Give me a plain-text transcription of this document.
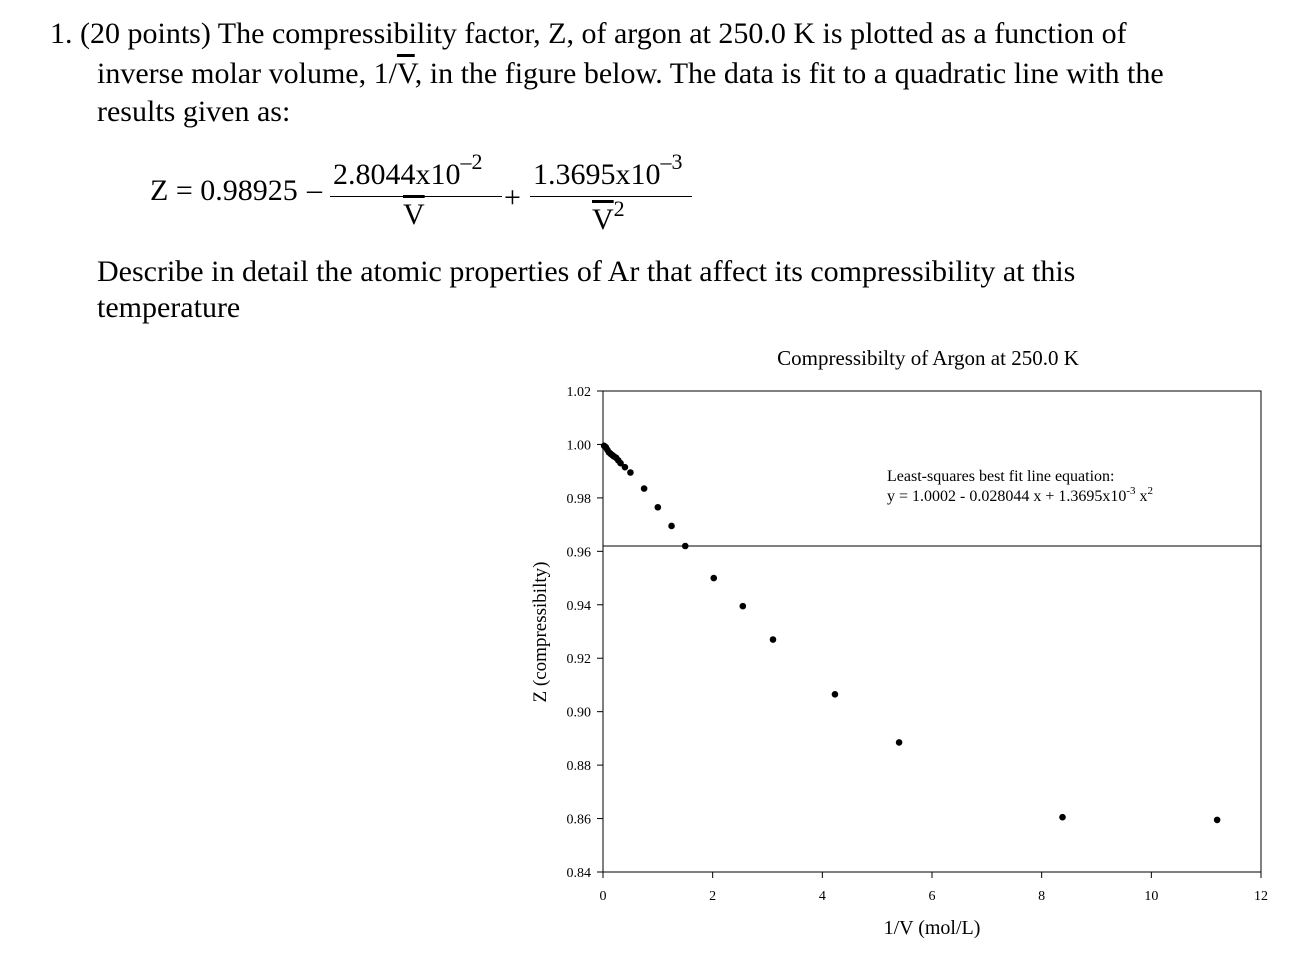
1. (20 points) The compressibility factor, Z, of argon at 250.0 K is plotted as a function of
inverse molar volume, $1/\overline{V}$, in the figure below. The data is fit to a quadratic line with the
results given as:
$Z = 0.98925 - 2.8044x10^{-2}$
$\overline{V}$
+
$1.3695x10^{-3}$
$\overline{V}^2$
Describe in detail the atomic properties of Ar that affect its compressibility at this
temperature
Compressibilty of Argon at 250.0 K
0.84
0.86
0.88
0.90
0.92
0.94
0.96
0.98
1.00
1.02
0	2	4	6	8	10	12
Z (compressibilty)
1/V (mol/L)
Least-squares best fit line equation:
y = 1.0002 - 0.028044 $x + 1.3695x10^{-3}$ $x^2$
